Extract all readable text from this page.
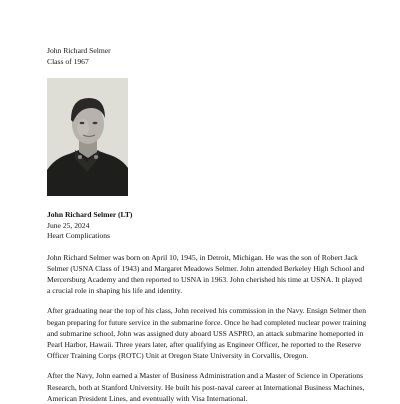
John Richard Selmer

Class of 1967

John Richard Selmer (LT)

June 25, 2024

Heart Complications

John Richard Selmer was born on April 10, 1945, in Detroit, Michigan. He was the son of Robert Jack Selmer (USNA Class of 1943) and Margaret Meadows Selmer. John attended Berkeley High School and Mercersburg Academy and then reported to USNA in 1963. John cherished his time at USNA. It played a crucial role in shaping his life and identity.

After graduating near the top of his class, John received his commission in the Navy. Ensign Selmer then began preparing for future service in the submarine force. Once he had completed nuclear power training and submarine school, John was assigned duty aboard USS ASPRO, an attack submarine homeported in Pearl Harbor, Hawaii. Three years later, after qualifying as Engineer Officer, he reported to the Reserve Officer Training Corps (ROTC) Unit at Oregon State University in Corvallis, Oregon.

After the Navy, John earned a Master of Business Administration and a Master of Science in Operations Research, both at Stanford University. He built his post-naval career at International Business Machines, American President Lines, and eventually with Visa International.
